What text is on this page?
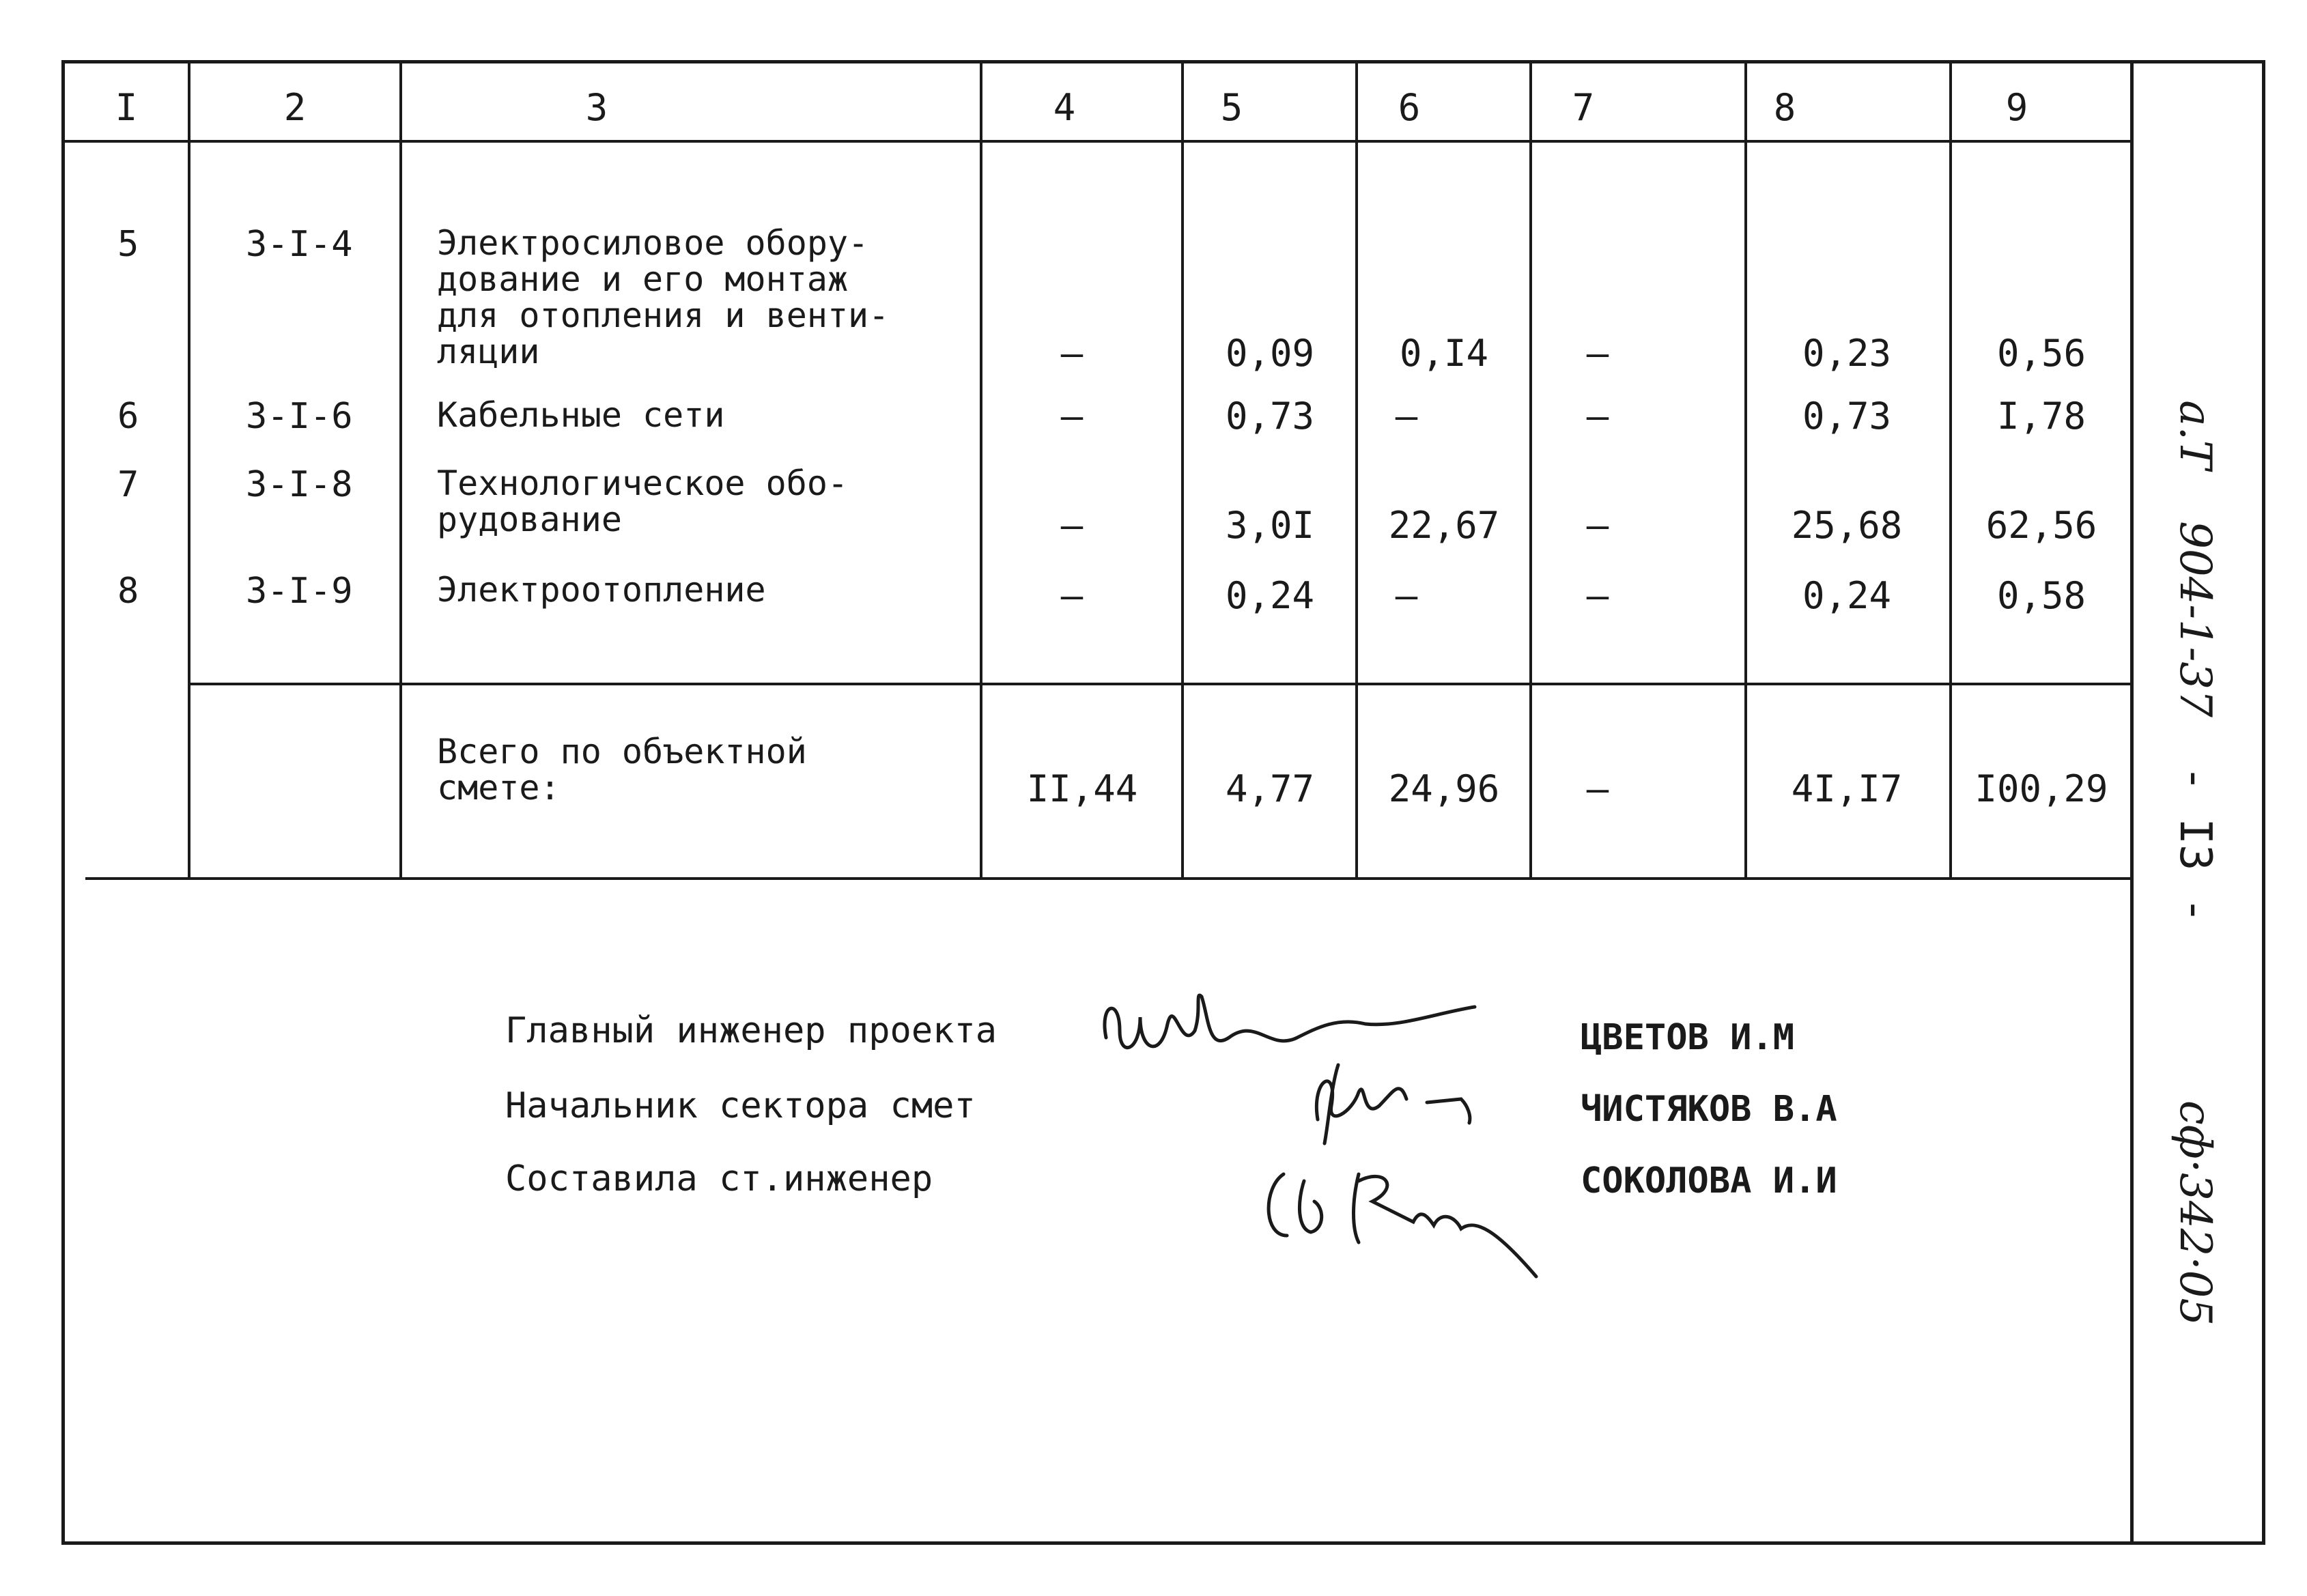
I	2	3	4	5	6	7	8	9
5	3-I-4 Электросиловое обору-
дование и его монтаж
для отопления и венти-
ляции	–	0,09	0,I4	–	0,23	0,56
6	3-I-6 Кабельные сети	–	0,73	–	–	0,73	I,78
7	3-I-8 Технологическое обо-
рудование	–	3,0I	22,67	–	25,68	62,56
8	3-I-9 Электроотопление	–	0,24	–	–	0,24	0,58
Всего по объектной
смете:	II,44	4,77	24,96	–	4I,I7	I00,29
Главный инженер проекта	ЦВЕТОВ И.М
Начальник сектора смет	ЧИСТЯКОВ В.А
Составила ст.инженер	СОКОЛОВА И.И
а.Т
904-1-37
- I3 -
сф·342·05
